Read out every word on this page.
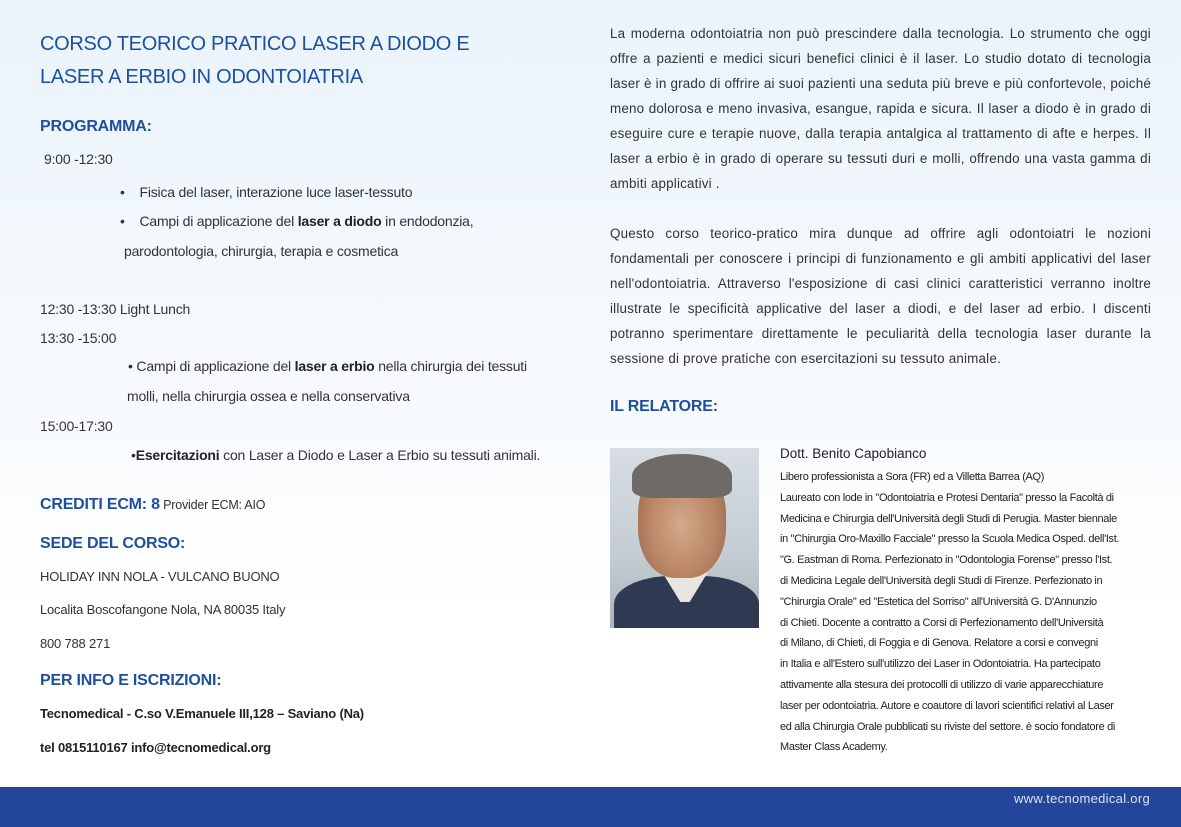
CORSO TEORICO PRATICO LASER A DIODO E
LASER A ERBIO IN ODONTOIATRIA
PROGRAMMA:
9:00 -12:30
• Fisica del laser, interazione luce laser-tessuto
• Campi di applicazione del laser a diodo in endodonzia,
parodontologia, chirurgia, terapia e cosmetica
12:30 -13:30 Light Lunch
13:30 -15:00
• Campi di applicazione del laser a erbio nella chirurgia dei tessuti
molli, nella chirurgia ossea e nella conservativa
15:00-17:30
•Esercitazioni con Laser a Diodo e Laser a Erbio su tessuti animali.
CREDITI ECM: 8 Provider ECM: AIO
SEDE DEL CORSO:
HOLIDAY INN NOLA - VULCANO BUONO
Localita Boscofangone Nola, NA 80035 Italy
800 788 271
PER INFO E ISCRIZIONI:
Tecnomedical - C.so V.Emanuele III,128 – Saviano (Na)
tel 0815110167 info@tecnomedical.org

La moderna odontoiatria non può prescindere dalla tecnologia. Lo strumento che oggi offre a pazienti e medici sicuri benefici clinici è il laser. Lo studio dotato di tecnologia laser è in grado di offrire ai suoi pazienti una seduta più breve e più confortevole, poiché meno dolorosa e meno invasiva, esangue, rapida e sicura. Il laser a diodo è in grado di eseguire cure e terapie nuove, dalla terapia antalgica al trattamento di afte e herpes. Il laser a erbio è in grado di operare su tessuti duri e molli, offrendo una vasta gamma di ambiti applicativi .

Questo corso teorico-pratico mira dunque ad offrire agli odontoiatri le nozioni fondamentali per conoscere i principi di funzionamento e gli ambiti applicativi del laser nell'odontoiatria. Attraverso l'esposizione di casi clinici caratteristici verranno inoltre illustrate le specificità applicative del laser a diodi, e del laser ad erbio. I discenti potranno sperimentare direttamente le peculiarità della tecnologia laser durante la sessione di prove pratiche con esercitazioni su tessuto animale.

IL RELATORE:
Dott. Benito Capobianco
Libero professionista a Sora (FR) ed a Villetta Barrea (AQ)
Laureato con lode in "Odontoiatria e Protesi Dentaria" presso la Facoltà di
Medicina e Chirurgia dell'Università degli Studi di Perugia. Master biennale
in "Chirurgia Oro-Maxillo Facciale" presso la Scuola Medica Osped. dell'Ist.
"G. Eastman di Roma. Perfezionato in "Odontologia Forense" presso l'Ist.
di Medicina Legale dell'Università degli Studi di Firenze. Perfezionato in
"Chirurgia Orale" ed "Estetica del Sorriso" all'Università G. D'Annunzio
di Chieti. Docente a contratto a Corsi di Perfezionamento dell'Università
di Milano, di Chieti, di Foggia e di Genova. Relatore a corsi e convegni
in Italia e all'Estero sull'utilizzo dei Laser in Odontoiatria. Ha partecipato
attivamente alla stesura dei protocolli di utilizzo di varie apparecchiature
laser per odontoiatria. Autore e coautore di lavori scientifici relativi al Laser
ed alla Chirurgia Orale pubblicati su riviste del settore. è socio fondatore di
Master Class Academy.
www.tecnomedical.org
